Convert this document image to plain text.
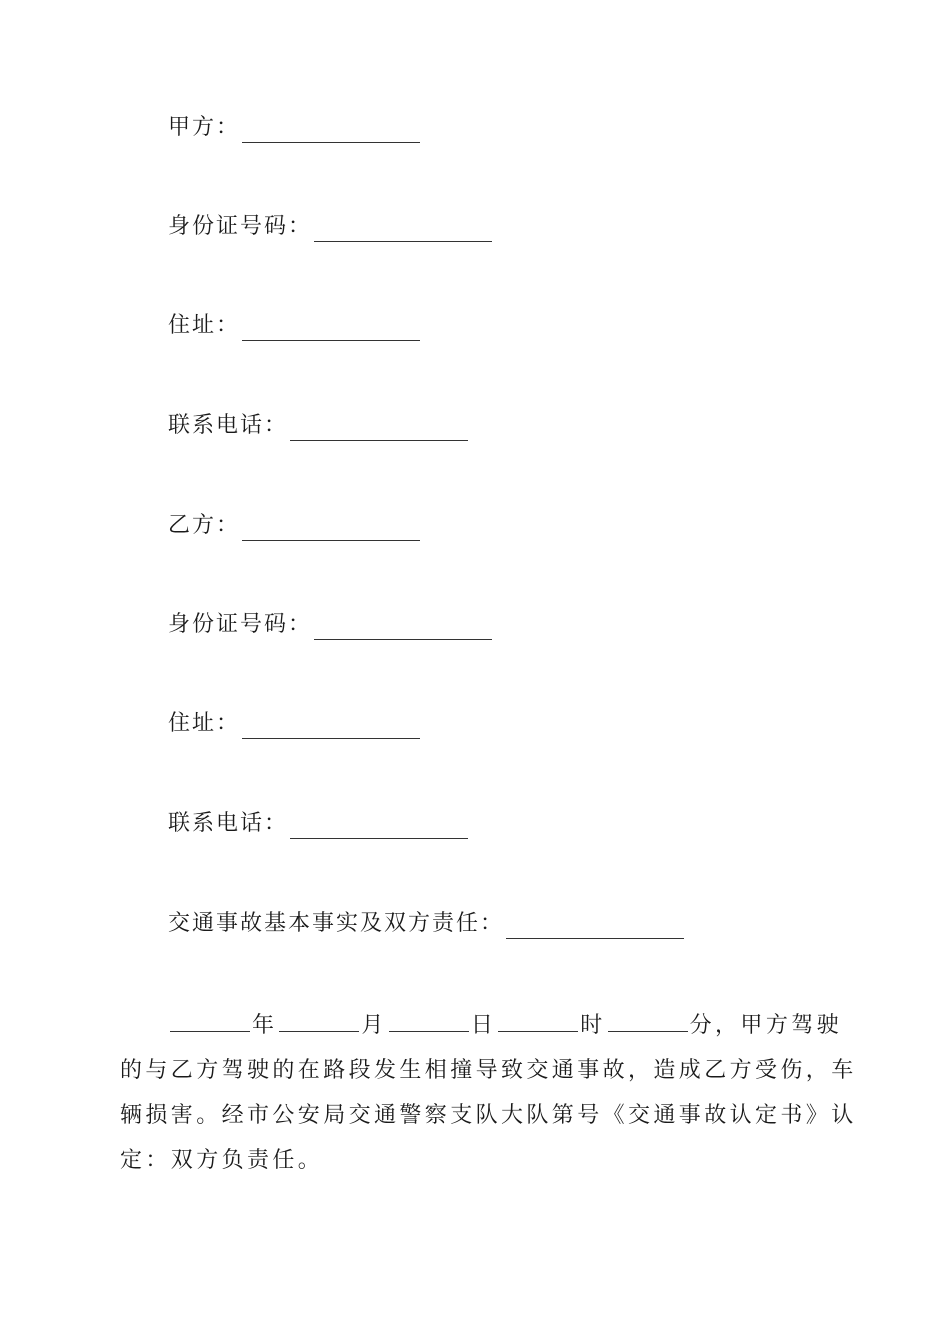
甲方：
身份证号码：
住址：
联系电话：
乙方：
身份证号码：
住址：
联系电话：
交通事故基本事实及双方责任：
年	月	日	时	分，甲方驾驶
的与乙方驾驶的在路段发生相撞导致交通事故，造成乙方受伤，车
辆损害。经市公安局交通警察支队大队第号《交通事故认定书》认
定：双方负责任。
